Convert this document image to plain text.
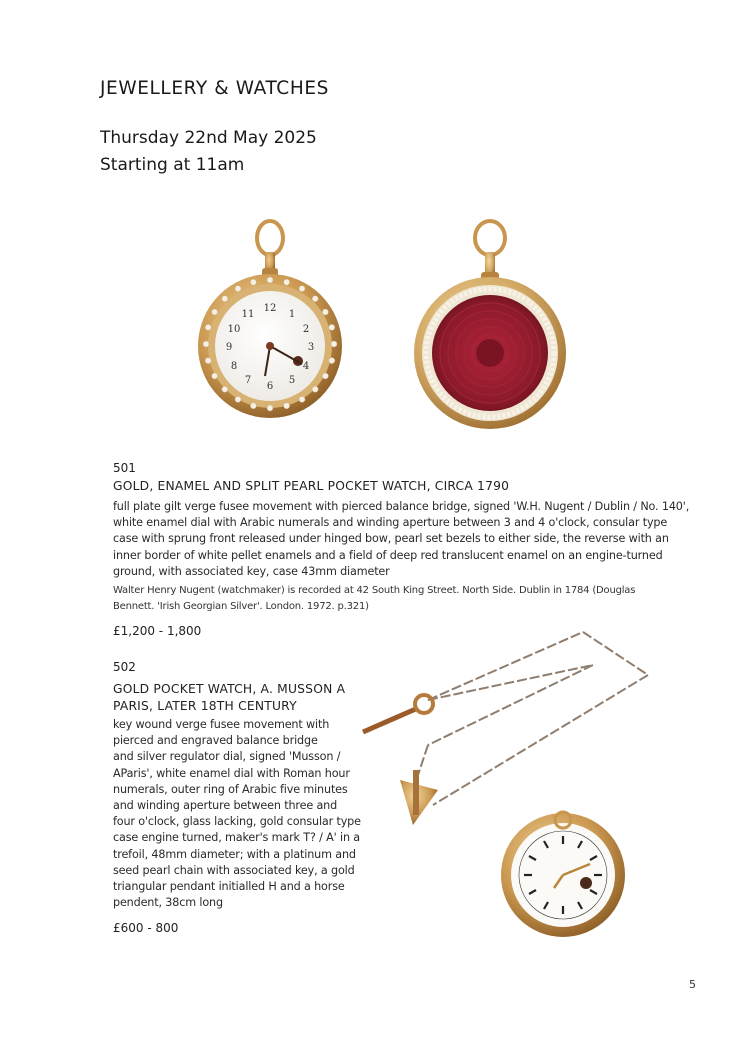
JEWELLERY & WATCHES
Thursday 22nd May 2025
Starting at 11am
12
1
2
3
4
5
6
7
8
9
10
11
501
GOLD, ENAMEL AND SPLIT PEARL POCKET WATCH, CIRCA 1790
full plate gilt verge fusee movement with pierced balance bridge, signed 'W.H. Nugent / Dublin / No. 140',
white enamel dial with Arabic numerals and winding aperture between 3 and 4 o'clock, consular type
case with sprung front released under hinged bow, pearl set bezels to either side, the reverse with an
inner border of white pellet enamels and a field of deep red translucent enamel on an engine-turned
ground, with associated key, case 43mm diameter
Walter Henry Nugent (watchmaker) is recorded at 42 South King Street. North Side. Dublin in 1784 (Douglas
Bennett. 'Irish Georgian Silver'. London. 1972. p.321)
£1,200 - 1,800
502
GOLD POCKET WATCH, A. MUSSON A
PARIS, LATER 18TH CENTURY
key wound verge fusee movement with
pierced and engraved balance bridge
and silver regulator dial, signed 'Musson /
AParis', white enamel dial with Roman hour
numerals, outer ring of Arabic five minutes
and winding aperture between three and
four o'clock, glass lacking, gold consular type
case engine turned, maker's mark T? / A' in a
trefoil, 48mm diameter; with a platinum and
seed pearl chain with associated key, a gold
triangular pendant initialled H and a horse
pendent, 38cm long
£600 - 800
5
